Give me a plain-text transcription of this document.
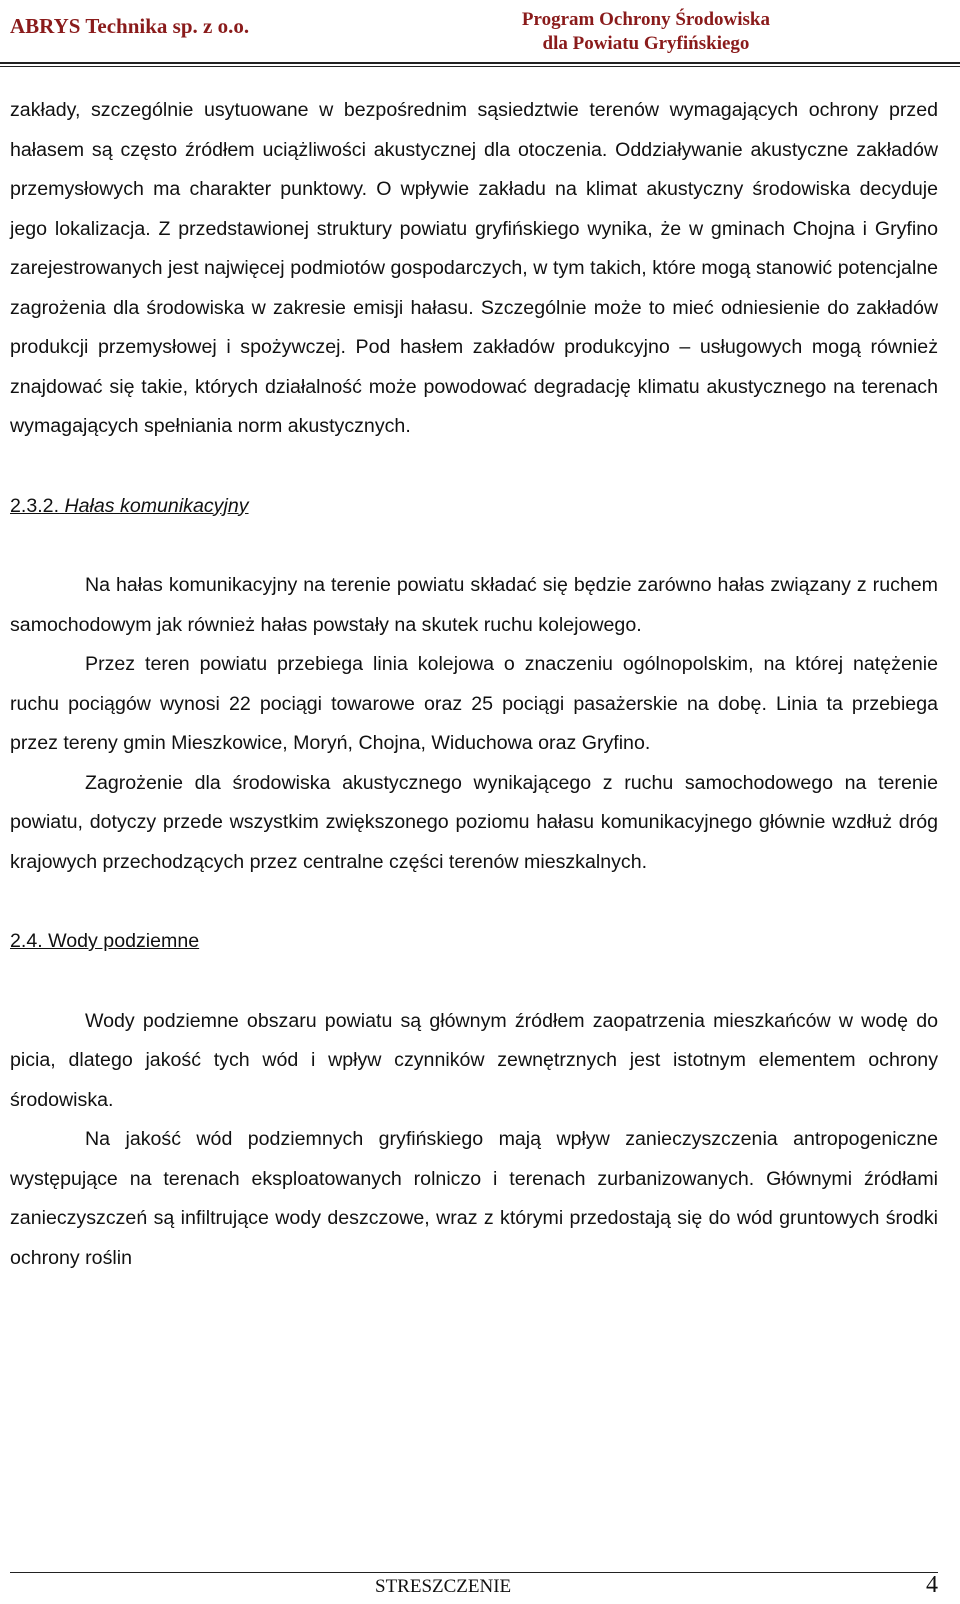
ABRYS Technika sp. z o.o.	Program Ochrony Środowiska
dla Powiatu Gryfińskiego

zakłady, szczególnie usytuowane w bezpośrednim sąsiedztwie terenów wymagających ochrony przed hałasem są często źródłem uciążliwości akustycznej dla otoczenia. Oddziaływanie akustyczne zakładów przemysłowych ma charakter punktowy. O wpływie zakładu na klimat akustyczny środowiska decyduje jego lokalizacja. Z przedstawionej struktury powiatu gryfińskiego wynika, że w gminach Chojna i Gryfino zarejestrowanych jest najwięcej podmiotów gospodarczych, w tym takich, które mogą stanowić potencjalne zagrożenia dla środowiska w zakresie emisji hałasu. Szczególnie może to mieć odniesienie do zakładów produkcji przemysłowej i spożywczej. Pod hasłem zakładów produkcyjno – usługowych mogą również znajdować się takie, których działalność może powodować degradację klimatu akustycznego na terenach wymagających spełniania norm akustycznych.

2.3.2. Hałas komunikacyjny

Na hałas komunikacyjny na terenie powiatu składać się będzie zarówno hałas związany z ruchem samochodowym jak również hałas powstały na skutek ruchu kolejowego.

Przez teren powiatu przebiega linia kolejowa o znaczeniu ogólnopolskim, na której natężenie ruchu pociągów wynosi 22 pociągi towarowe oraz 25 pociągi pasażerskie na dobę. Linia ta przebiega przez tereny gmin Mieszkowice, Moryń, Chojna, Widuchowa oraz Gryfino.

Zagrożenie dla środowiska akustycznego wynikającego z ruchu samochodowego na terenie powiatu, dotyczy przede wszystkim zwiększonego poziomu hałasu komunikacyjnego głównie wzdłuż dróg krajowych przechodzących przez centralne części terenów mieszkalnych.

2.4. Wody podziemne

Wody podziemne obszaru powiatu są głównym źródłem zaopatrzenia mieszkańców w wodę do picia, dlatego jakość tych wód i wpływ czynników zewnętrznych jest istotnym elementem ochrony środowiska.

Na jakość wód podziemnych gryfińskiego mają wpływ zanieczyszczenia antropogeniczne występujące na terenach eksploatowanych rolniczo i terenach zurbanizowanych. Głównymi źródłami zanieczyszczeń są infiltrujące wody deszczowe, wraz z którymi przedostają się do wód gruntowych środki ochrony roślin

STRESZCZENIE	4
